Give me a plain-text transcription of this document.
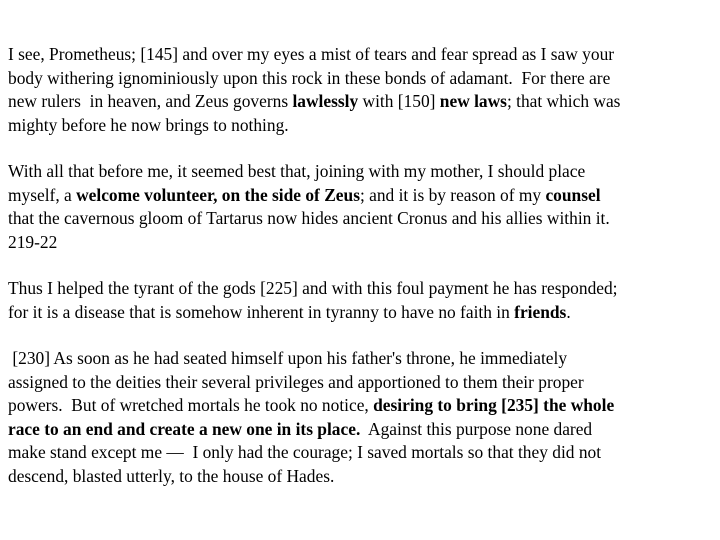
I see, Prometheus; [145] and over my eyes a mist of tears and fear spread as I saw your
body withering ignominiously upon this rock in these bonds of adamant.  For there are
new rulers  in heaven, and Zeus governs lawlessly with [150] new laws; that which was
mighty before he now brings to nothing.

With all that before me, it seemed best that, joining with my mother, I should place
myself, a welcome volunteer, on the side of Zeus; and it is by reason of my counsel
that the cavernous gloom of Tartarus now hides ancient Cronus and his allies within it.
219-22

Thus I helped the tyrant of the gods [225] and with this foul payment he has responded;
for it is a disease that is somehow inherent in tyranny to have no faith in friends.

[230] As soon as he had seated himself upon his father's throne, he immediately
assigned to the deities their several privileges and apportioned to them their proper
powers.  But of wretched mortals he took no notice, desiring to bring [235] the whole
race to an end and create a new one in its place.  Against this purpose none dared
make stand except me —  I only had the courage; I saved mortals so that they did not
descend, blasted utterly, to the house of Hades.
